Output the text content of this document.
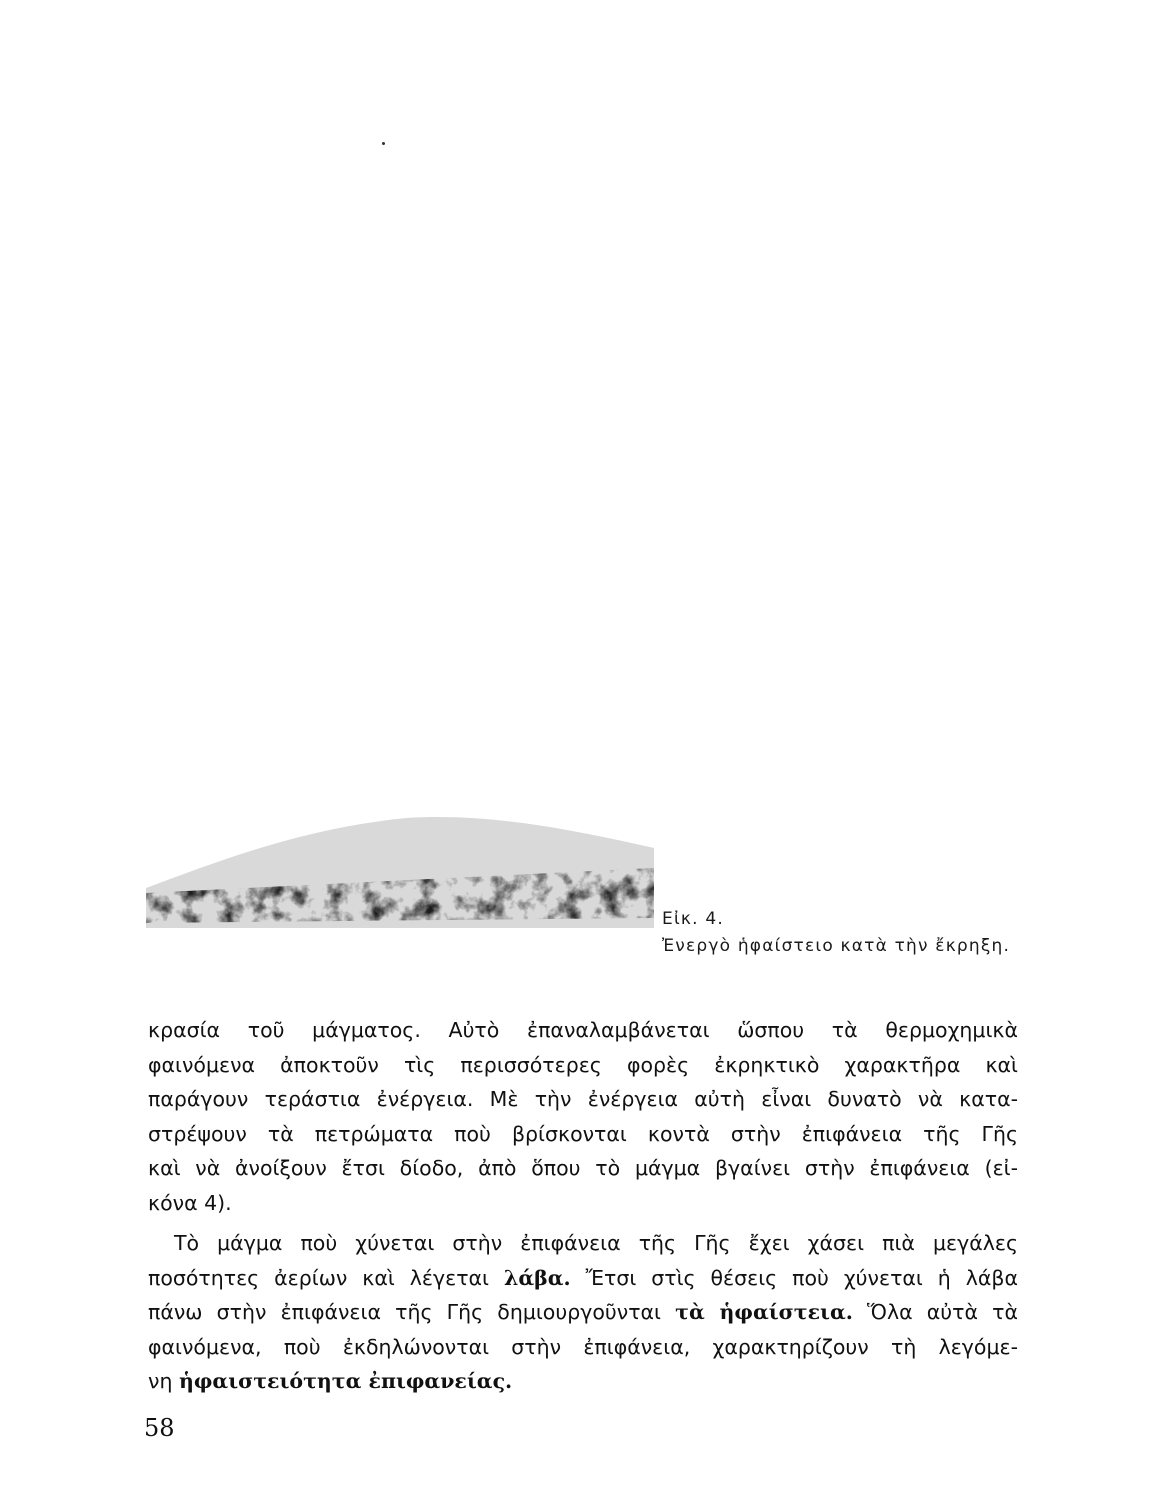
Εἰκ. 4.
Ἐνεργὸ ἡφαίστειο κατὰ τὴν ἔκρηξη.
κρασία τοῦ μάγματος. Αὐτὸ ἐπαναλαμβάνεται ὥσπου τὰ θερμοχημικὰ
φαινόμενα ἀποκτοῦν τὶς περισσότερες φορὲς ἐκρηκτικὸ χαρακτῆρα καὶ
παράγουν τεράστια ἐνέργεια. Μὲ τὴν ἐνέργεια αὐτὴ εἶναι δυνατὸ νὰ κατα-
στρέψουν τὰ πετρώματα ποὺ βρίσκονται κοντὰ στὴν ἐπιφάνεια τῆς Γῆς
καὶ νὰ ἀνοίξουν ἔτσι δίοδο, ἀπὸ ὅπου τὸ μάγμα βγαίνει στὴν ἐπιφάνεια (εἰ-
κόνα 4).
Τὸ μάγμα ποὺ χύνεται στὴν ἐπιφάνεια τῆς Γῆς ἔχει χάσει πιὰ μεγάλες
ποσότητες ἀερίων καὶ λέγεται λάβα. Ἔτσι στὶς θέσεις ποὺ χύνεται ἡ λάβα
πάνω στὴν ἐπιφάνεια τῆς Γῆς δημιουργοῦνται τὰ ἡφαίστεια. Ὅλα αὐτὰ τὰ
φαινόμενα, ποὺ ἐκδηλώνονται στὴν ἐπιφάνεια, χαρακτηρίζουν τὴ λεγόμε-
νη ἡφαιστειότητα ἐπιφανείας.
58
